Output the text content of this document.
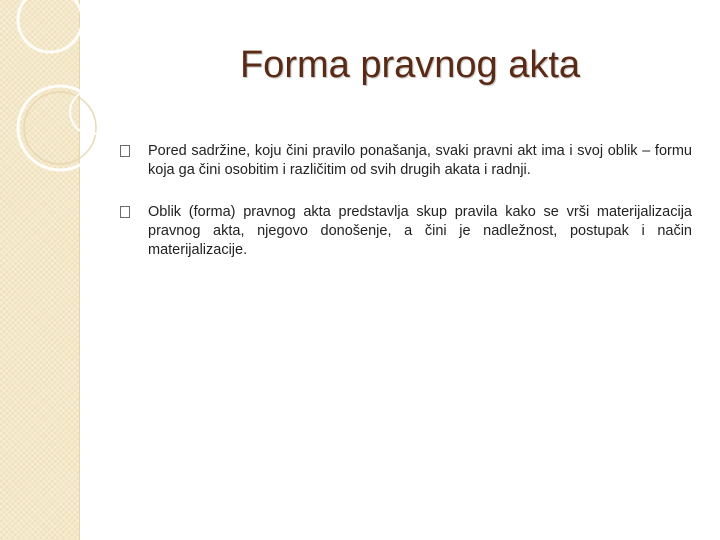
Forma pravnog akta
Pored sadržine, koju čini pravilo ponašanja, svaki pravni akt ima i svoj oblik – formu koja ga čini osobitim i različitim od svih drugih akata i radnji.
Oblik (forma) pravnog akta predstavlja skup pravila kako se vrši materijalizacija pravnog akta, njegovo donošenje, a čini je nadležnost, postupak i način materijalizacije.
